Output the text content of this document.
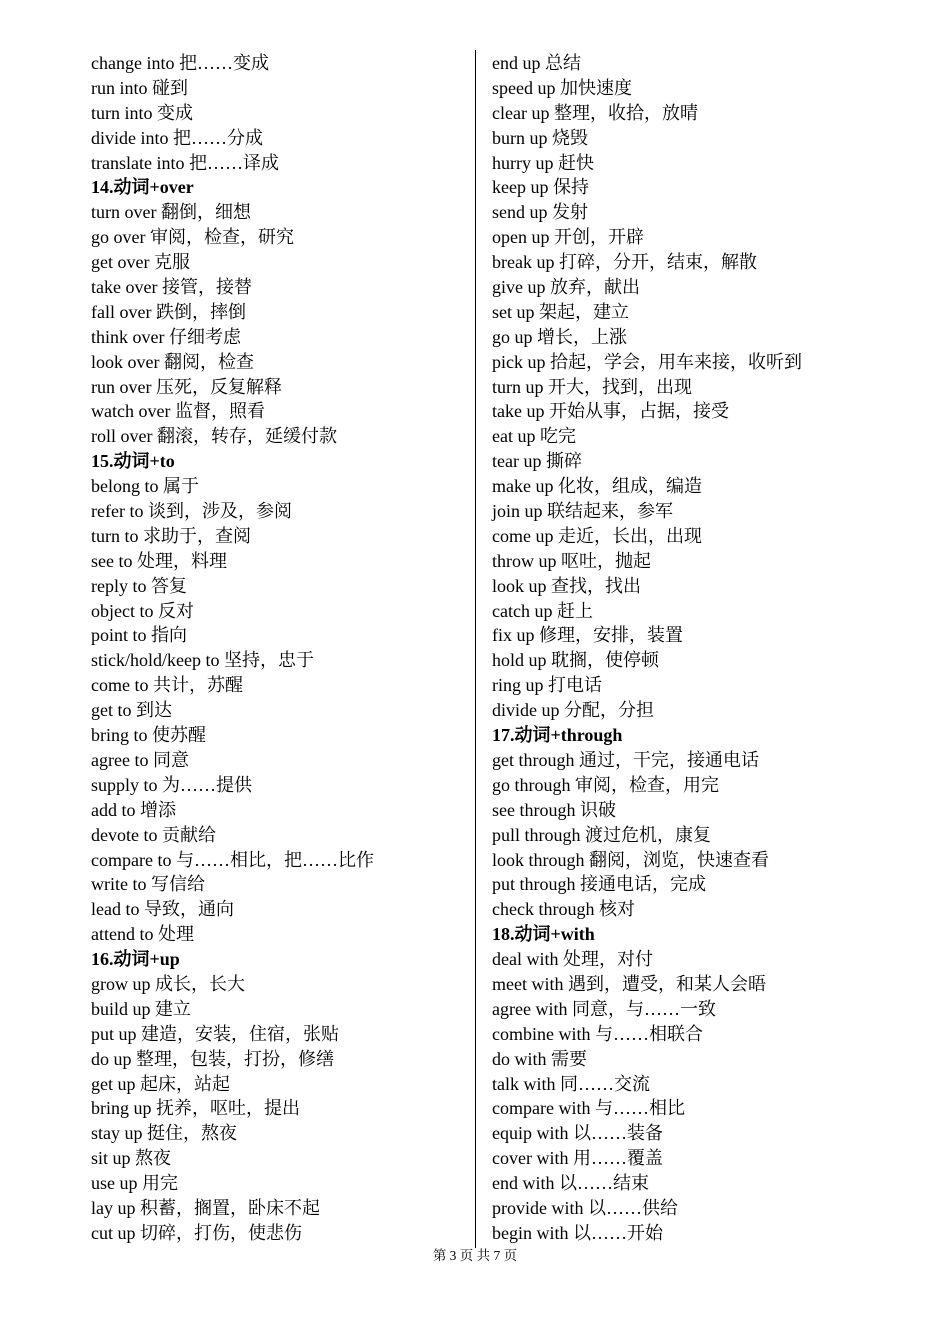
change into 把……变成
run into 碰到
turn into 变成
divide into 把……分成
translate into 把……译成
14.动词+over
turn over 翻倒，细想
go over 审阅，检查，研究
get over 克服
take over 接管，接替
fall over 跌倒，摔倒
think over 仔细考虑
look over 翻阅，检查
run over 压死，反复解释
watch over 监督，照看
roll over 翻滚，转存，延缓付款
15.动词+to
belong to 属于
refer to 谈到，涉及，参阅
turn to 求助于，查阅
see to 处理，料理
reply to 答复
object to 反对
point to 指向
stick/hold/keep to 坚持，忠于
come to 共计，苏醒
get to 到达
bring to 使苏醒
agree to 同意
supply to 为……提供
add to 增添
devote to 贡献给
compare to 与……相比，把……比作
write to 写信给
lead to 导致，通向
attend to 处理
16.动词+up
grow up 成长，长大
build up 建立
put up 建造，安装，住宿，张贴
do up 整理，包装，打扮，修缮
get up 起床，站起
bring up 抚养，呕吐，提出
stay up 挺住，熬夜
sit up 熬夜
use up 用完
lay up 积蓄，搁置，卧床不起
cut up 切碎，打伤，使悲伤
end up 总结
speed up 加快速度
clear up 整理，收拾，放晴
burn up 烧毁
hurry up 赶快
keep up 保持
send up 发射
open up 开创，开辟
break up 打碎，分开，结束，解散
give up 放弃，献出
set up 架起，建立
go up 增长，上涨
pick up 拾起，学会，用车来接，收听到
turn up 开大，找到，出现
take up 开始从事，占据，接受
eat up 吃完
tear up 撕碎
make up 化妆，组成，编造
join up 联结起来，参军
come up 走近，长出，出现
throw up 呕吐，抛起
look up 查找，找出
catch up 赶上
fix up 修理，安排，装置
hold up 耽搁，使停顿
ring up 打电话
divide up 分配，分担
17.动词+through
get through 通过，干完，接通电话
go through 审阅，检查，用完
see through 识破
pull through 渡过危机，康复
look through 翻阅，浏览，快速查看
put through 接通电话，完成
check through 核对
18.动词+with
deal with 处理，对付
meet with 遇到，遭受，和某人会晤
agree with 同意，与……一致
combine with 与……相联合
do with 需要
talk with 同……交流
compare with 与……相比
equip with 以……装备
cover with 用……覆盖
end with 以……结束
provide with 以……供给
begin with 以……开始
第 3 页 共 7 页
